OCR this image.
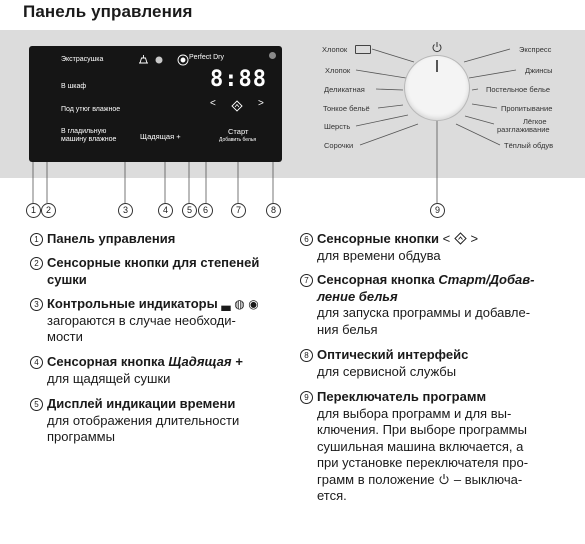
Панель управления
Экстрасушка
В шкаф
Под утюг влажное
В гладильную
машину влажное
Perfect Dry
8:88
<	>
Щадящая +
Старт
Добавить белья
Хлопок
Хлопок
Деликатная
Тонкое бельё
Шерсть
Сорочки
Экспресс
Джинсы
Постельное белье
Пропитывание
Лёгкое
разглаживание
Тёплый обдув
1	2	3	4	5	6	7	8	9
1 Панель управления
2 Сенсорные кнопки для степеней
сушки
3 Контрольные индикаторы ▃ ◍ ◉
загораются в случае необходи-
мости
4 Сенсорная кнопка Щадящая +
для щадящей сушки
5 Дисплей индикации времени
для отображения длительности
программы
6 Сенсорные кнопки < >
для времени обдува
7 Сенсорная кнопка Старт/Добав-
ление белья
для запуска программы и добавле-
ния белья
8 Оптический интерфейс
для сервисной службы
9 Переключатель программ
для выбора программ и для вы-
ключения. При выборе программы
сушильная машина включается, а
при установке переключателя про-
грамм в положение – выключа-
ется.
